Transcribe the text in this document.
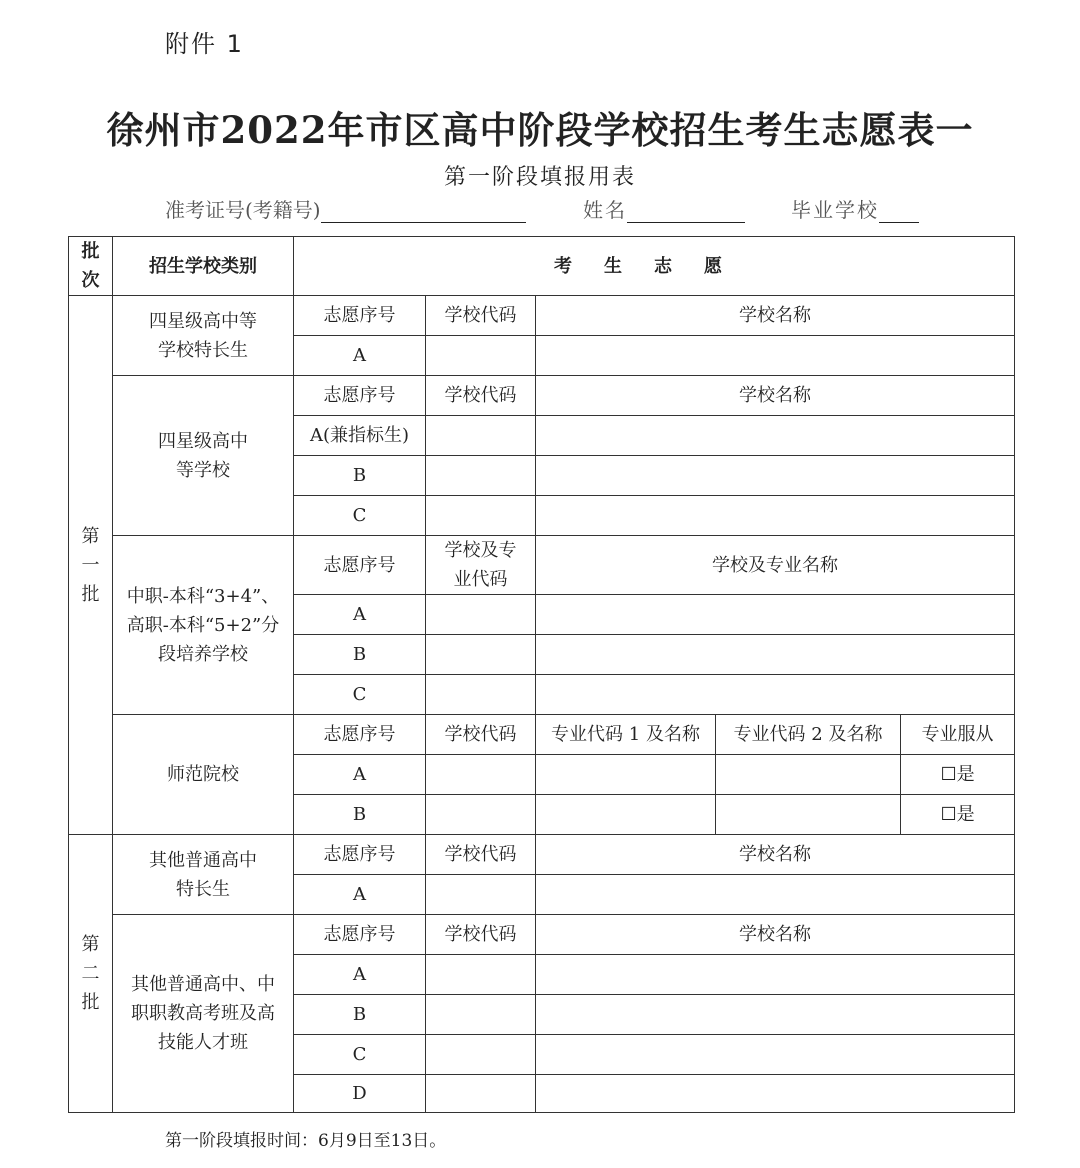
附件 1
徐州市2022年市区高中阶段学校招生考生志愿表一
第一阶段填报用表
准考证号(考籍号)	姓名	毕业学校
批次	招生学校类别	考生志愿				
第一批	四星级高中等学校特长生	志愿序号	学校代码	学校名称		
		A				

	四星级高中等学校	志愿序号	学校代码	学校名称		
		A(兼指标生)				
		B				
		C				

	中职-本科“3+4”、高职-本科“5+2”分段培养学校	志愿序号	学校及专业代码	学校及专业名称		
		A				
		B				
		C				
	师范院校	志愿序号	学校代码	专业代码 1 及名称	专业代码 2 及名称	专业服从
		A				☐是
		B				☐是
第二批	其他普通高中特长生	志愿序号	学校代码	学校名称		
		A				

	其他普通高中、中职职教高考班及高技能人才班	志愿序号	学校代码	学校名称		
		A				
		B				
		C				
		D				
第一阶段填报时间：6月9日至13日。
